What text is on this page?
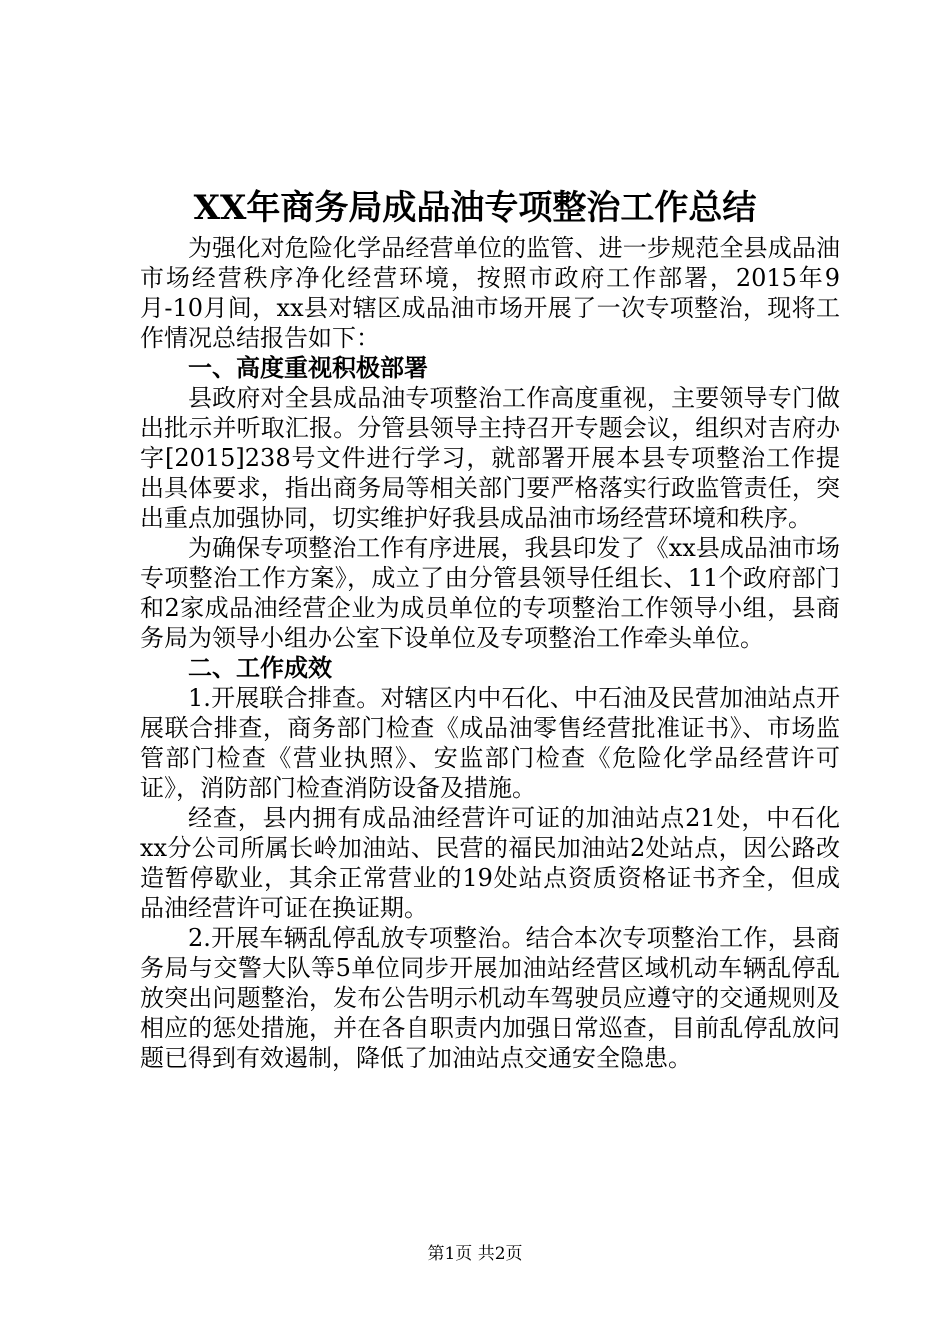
XX年商务局成品油专项整治工作总结

为强化对危险化学品经营单位的监管、进一步规范全县成品油市场经营秩序净化经营环境，按照市政府工作部署，2015年9月-10月间，xx县对辖区成品油市场开展了一次专项整治，现将工作情况总结报告如下：

一、高度重视积极部署

县政府对全县成品油专项整治工作高度重视，主要领导专门做出批示并听取汇报。分管县领导主持召开专题会议，组织对吉府办字[2015]238号文件进行学习，就部署开展本县专项整治工作提出具体要求，指出商务局等相关部门要严格落实行政监管责任，突出重点加强协同，切实维护好我县成品油市场经营环境和秩序。

为确保专项整治工作有序进展，我县印发了《xx县成品油市场专项整治工作方案》，成立了由分管县领导任组长、11个政府部门和2家成品油经营企业为成员单位的专项整治工作领导小组，县商务局为领导小组办公室下设单位及专项整治工作牵头单位。

二、工作成效

1.开展联合排查。对辖区内中石化、中石油及民营加油站点开展联合排查，商务部门检查《成品油零售经营批准证书》、市场监管部门检查《营业执照》、安监部门检查《危险化学品经营许可证》，消防部门检查消防设备及措施。

经查，县内拥有成品油经营许可证的加油站点21处，中石化xx分公司所属长岭加油站、民营的福民加油站2处站点，因公路改造暂停歇业，其余正常营业的19处站点资质资格证书齐全，但成品油经营许可证在换证期。

2.开展车辆乱停乱放专项整治。结合本次专项整治工作，县商务局与交警大队等5单位同步开展加油站经营区域机动车辆乱停乱放突出问题整治，发布公告明示机动车驾驶员应遵守的交通规则及相应的惩处措施，并在各自职责内加强日常巡查，目前乱停乱放问题已得到有效遏制，降低了加油站点交通安全隐患。

第1页 共2页
